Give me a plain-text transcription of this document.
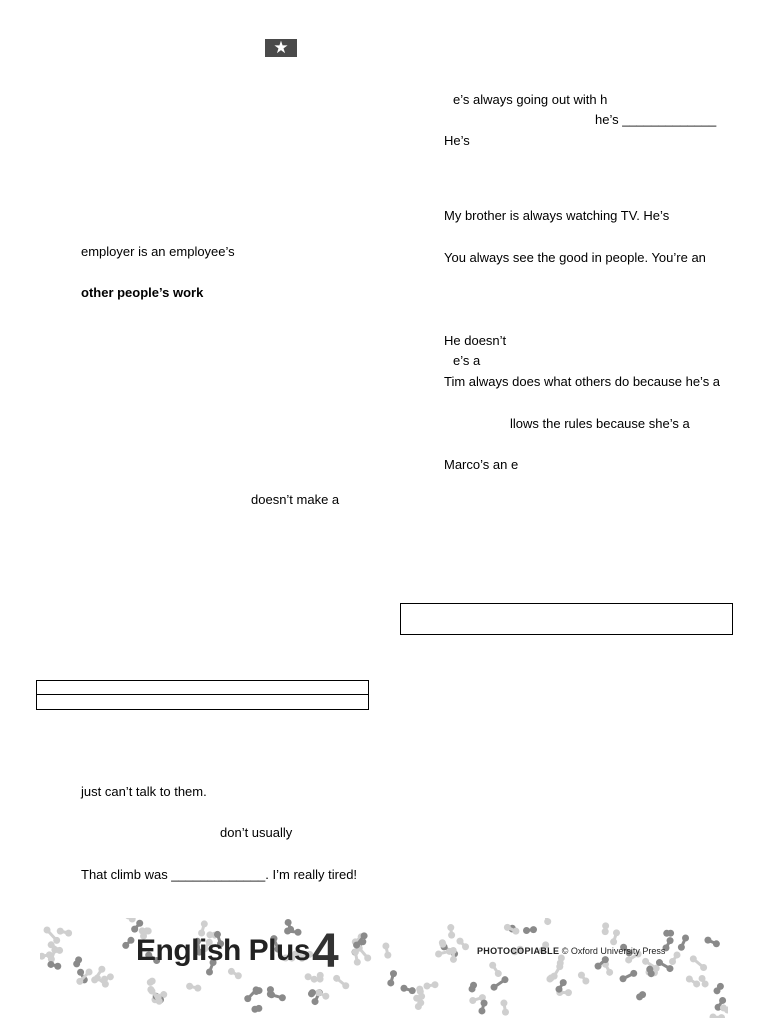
★
e’s always going out with h
he’s _____________
He’s
My brother is always watching TV. He’s
You always see the good in people. You’re an
He doesn’t
e’s a
Tim always does what others do because he’s a
llows the rules because she’s a
Marco’s an e
employer is an employee’s
other people’s work
doesn’t make a
just can’t talk to them.
don’t usually
That climb was _____________. I’m really tired!
English Plus 4	PHOTOCOPIABLE © Oxford University Press
